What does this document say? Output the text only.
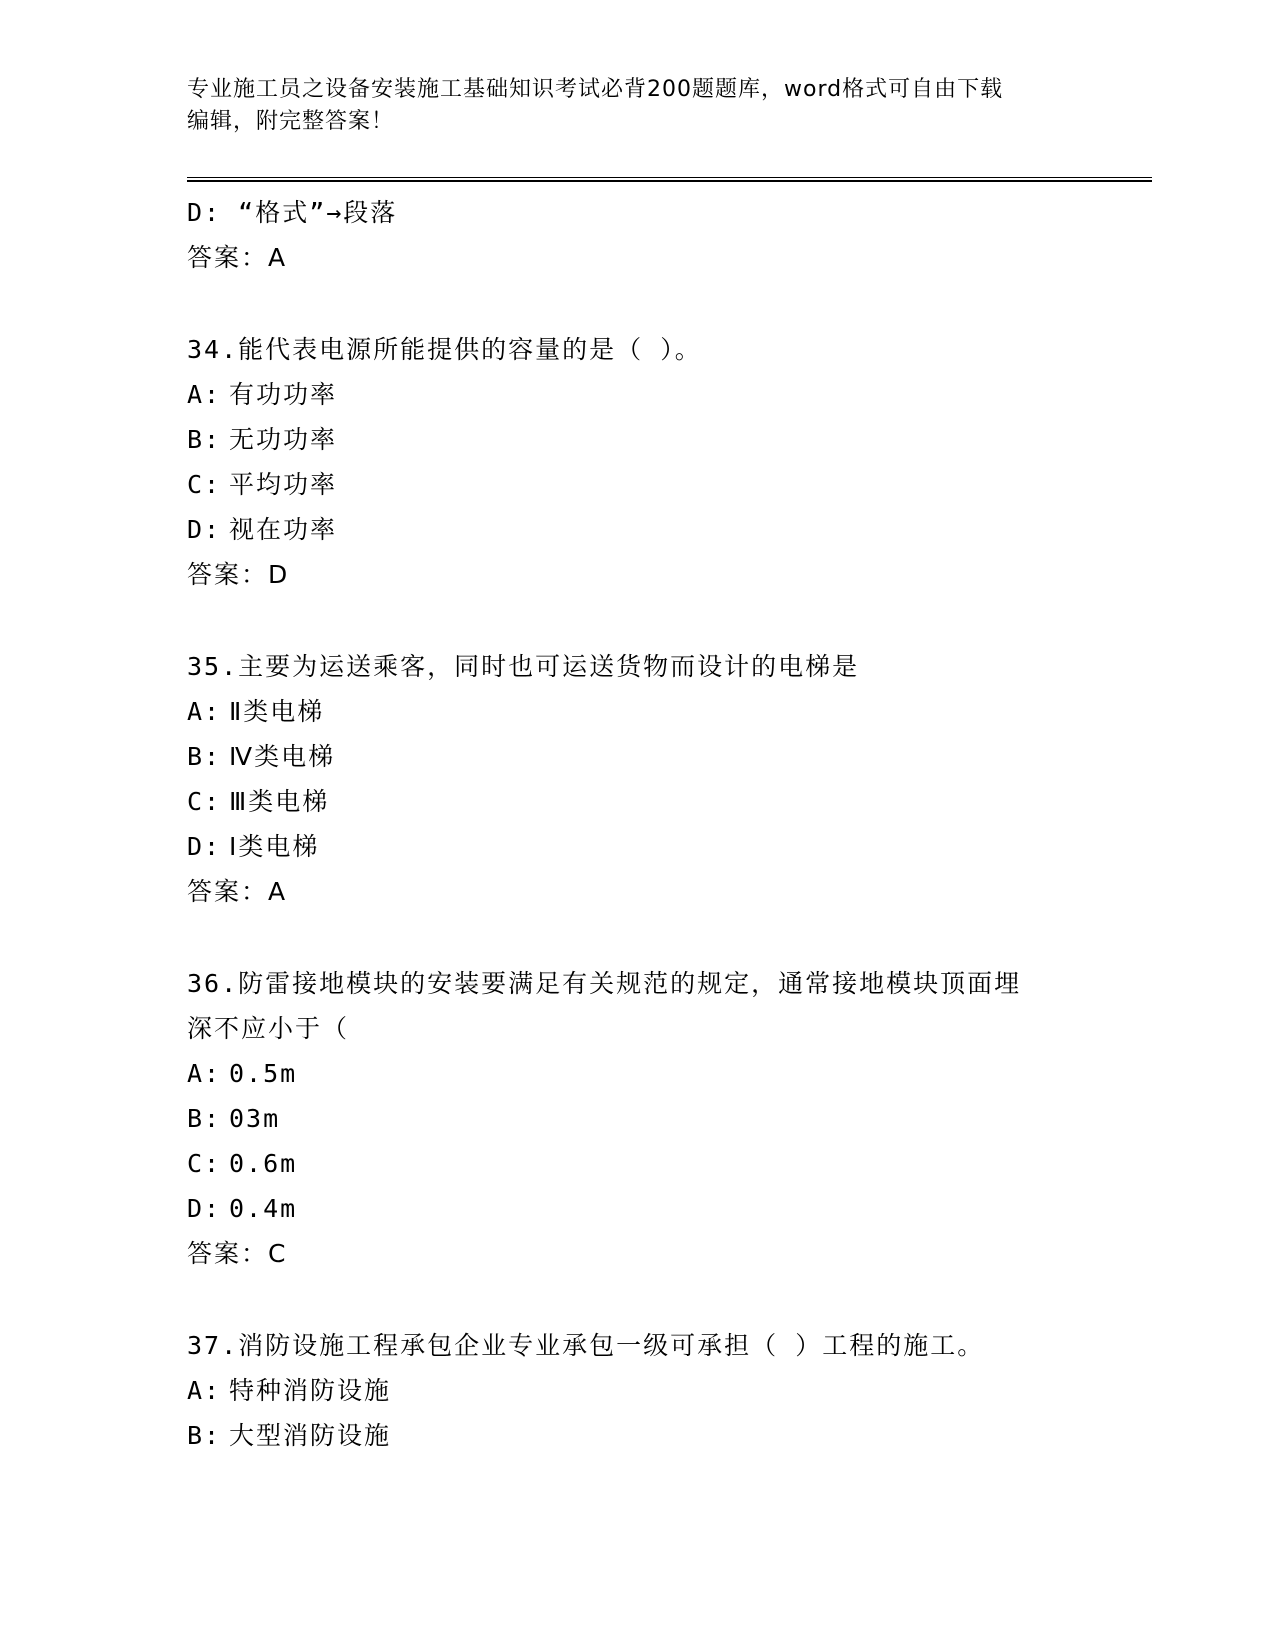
专业施工员之设备安装施工基础知识考试必背200题题库，word格式可自由下载
编辑，附完整答案！
D: “格式”→段落
答案：A
34.能代表电源所能提供的容量的是（ ）。
A: 有功功率
B: 无功功率
C: 平均功率
D: 视在功率
答案：D
35.主要为运送乘客，同时也可运送货物而设计的电梯是
A: Ⅱ类电梯
B: Ⅳ类电梯
C: Ⅲ类电梯
D: Ⅰ类电梯
答案：A
36.防雷接地模块的安装要满足有关规范的规定，通常接地模块顶面埋
深不应小于（
A: 0.5m
B: 03m
C: 0.6m
D: 0.4m
答案：C
37.消防设施工程承包企业专业承包一级可承担（ ）工程的施工。
A: 特种消防设施
B: 大型消防设施
